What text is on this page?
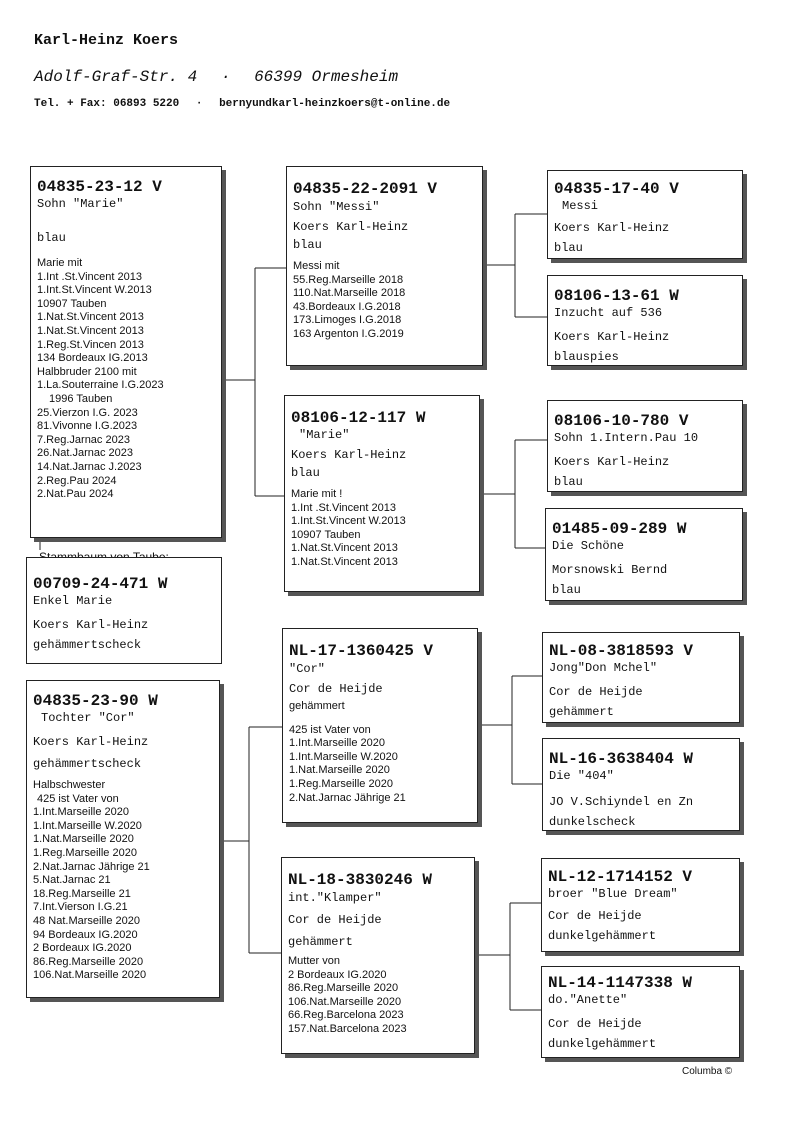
Karl-Heinz Koers
Adolf-Graf-Str. 4 · 66399 Ormesheim
Tel. + Fax: 06893 5220 · bernyundkarl-heinzkoers@t-online.de
04835-23-12 V
Sohn "Marie"
blau
Marie mit
1.Int .St.Vincent 2013
1.Int.St.Vincent W.2013
10907 Tauben
1.Nat.St.Vincent 2013
1.Nat.St.Vincent 2013
1.Reg.St.Vincen 2013
134 Bordeaux IG.2013
Halbbruder 2100 mit
1.La.Souterraine I.G.2023
1996 Tauben
25.Vierzon I.G. 2023
81.Vivonne I.G.2023
7.Reg.Jarnac 2023
26.Nat.Jarnac 2023
14.Nat.Jarnac J.2023
2.Reg.Pau 2024
2.Nat.Pau 2024
00709-24-471 W
Enkel Marie
Koers Karl-Heinz
gehämmertscheck
04835-23-90 W
Tochter "Cor"
Koers Karl-Heinz
gehämmertscheck
Halbschwester
425 ist Vater von
1.Int.Marseille 2020
1.Int.Marseille W.2020
1.Nat.Marseille 2020
1.Reg.Marseille 2020
2.Nat.Jarnac Jährige 21
5.Nat.Jarnac 21
18.Reg.Marseille 21
7.Int.Vierson I.G.21
48 Nat.Marseille 2020
94 Bordeaux IG.2020
2 Bordeaux IG.2020
86.Reg.Marseille 2020
106.Nat.Marseille 2020
04835-22-2091 V
Sohn "Messi"
Koers Karl-Heinz
blau
Messi mit
55.Reg.Marseille 2018
110.Nat.Marseille 2018
43.Bordeaux I.G.2018
173.Limoges I.G.2018
163 Argenton I.G.2019
08106-12-117 W
"Marie"
Koers Karl-Heinz
blau
Marie mit !
1.Int .St.Vincent 2013
1.Int.St.Vincent W.2013
10907 Tauben
1.Nat.St.Vincent 2013
1.Nat.St.Vincent 2013
NL-17-1360425 V
"Cor"
Cor de Heijde
gehämmert
425 ist Vater von
1.Int.Marseille 2020
1.Int.Marseille W.2020
1.Nat.Marseille 2020
1.Reg.Marseille 2020
2.Nat.Jarnac Jährige 21
NL-18-3830246 W
int."Klamper"
Cor de Heijde
gehämmert
Mutter von
2 Bordeaux IG.2020
86.Reg.Marseille 2020
106.Nat.Marseille 2020
66.Reg.Barcelona 2023
157.Nat.Barcelona 2023
04835-17-40 V
Messi
Koers Karl-Heinz
blau
08106-13-61 W
Inzucht auf 536
Koers Karl-Heinz
blauspies
08106-10-780 V
Sohn 1.Intern.Pau 10
Koers Karl-Heinz
blau
01485-09-289 W
Die Schöne
Morsnowski Bernd
blau
NL-08-3818593 V
Jong"Don Mchel"
Cor de Heijde
gehämmert
NL-16-3638404 W
Die "404"
JO V.Schiyndel en Zn
dunkelscheck
NL-12-1714152 V
broer "Blue Dream"
Cor de Heijde
dunkelgehämmert
NL-14-1147338 W
do."Anette"
Cor de Heijde
dunkelgehämmert
Columba ©
